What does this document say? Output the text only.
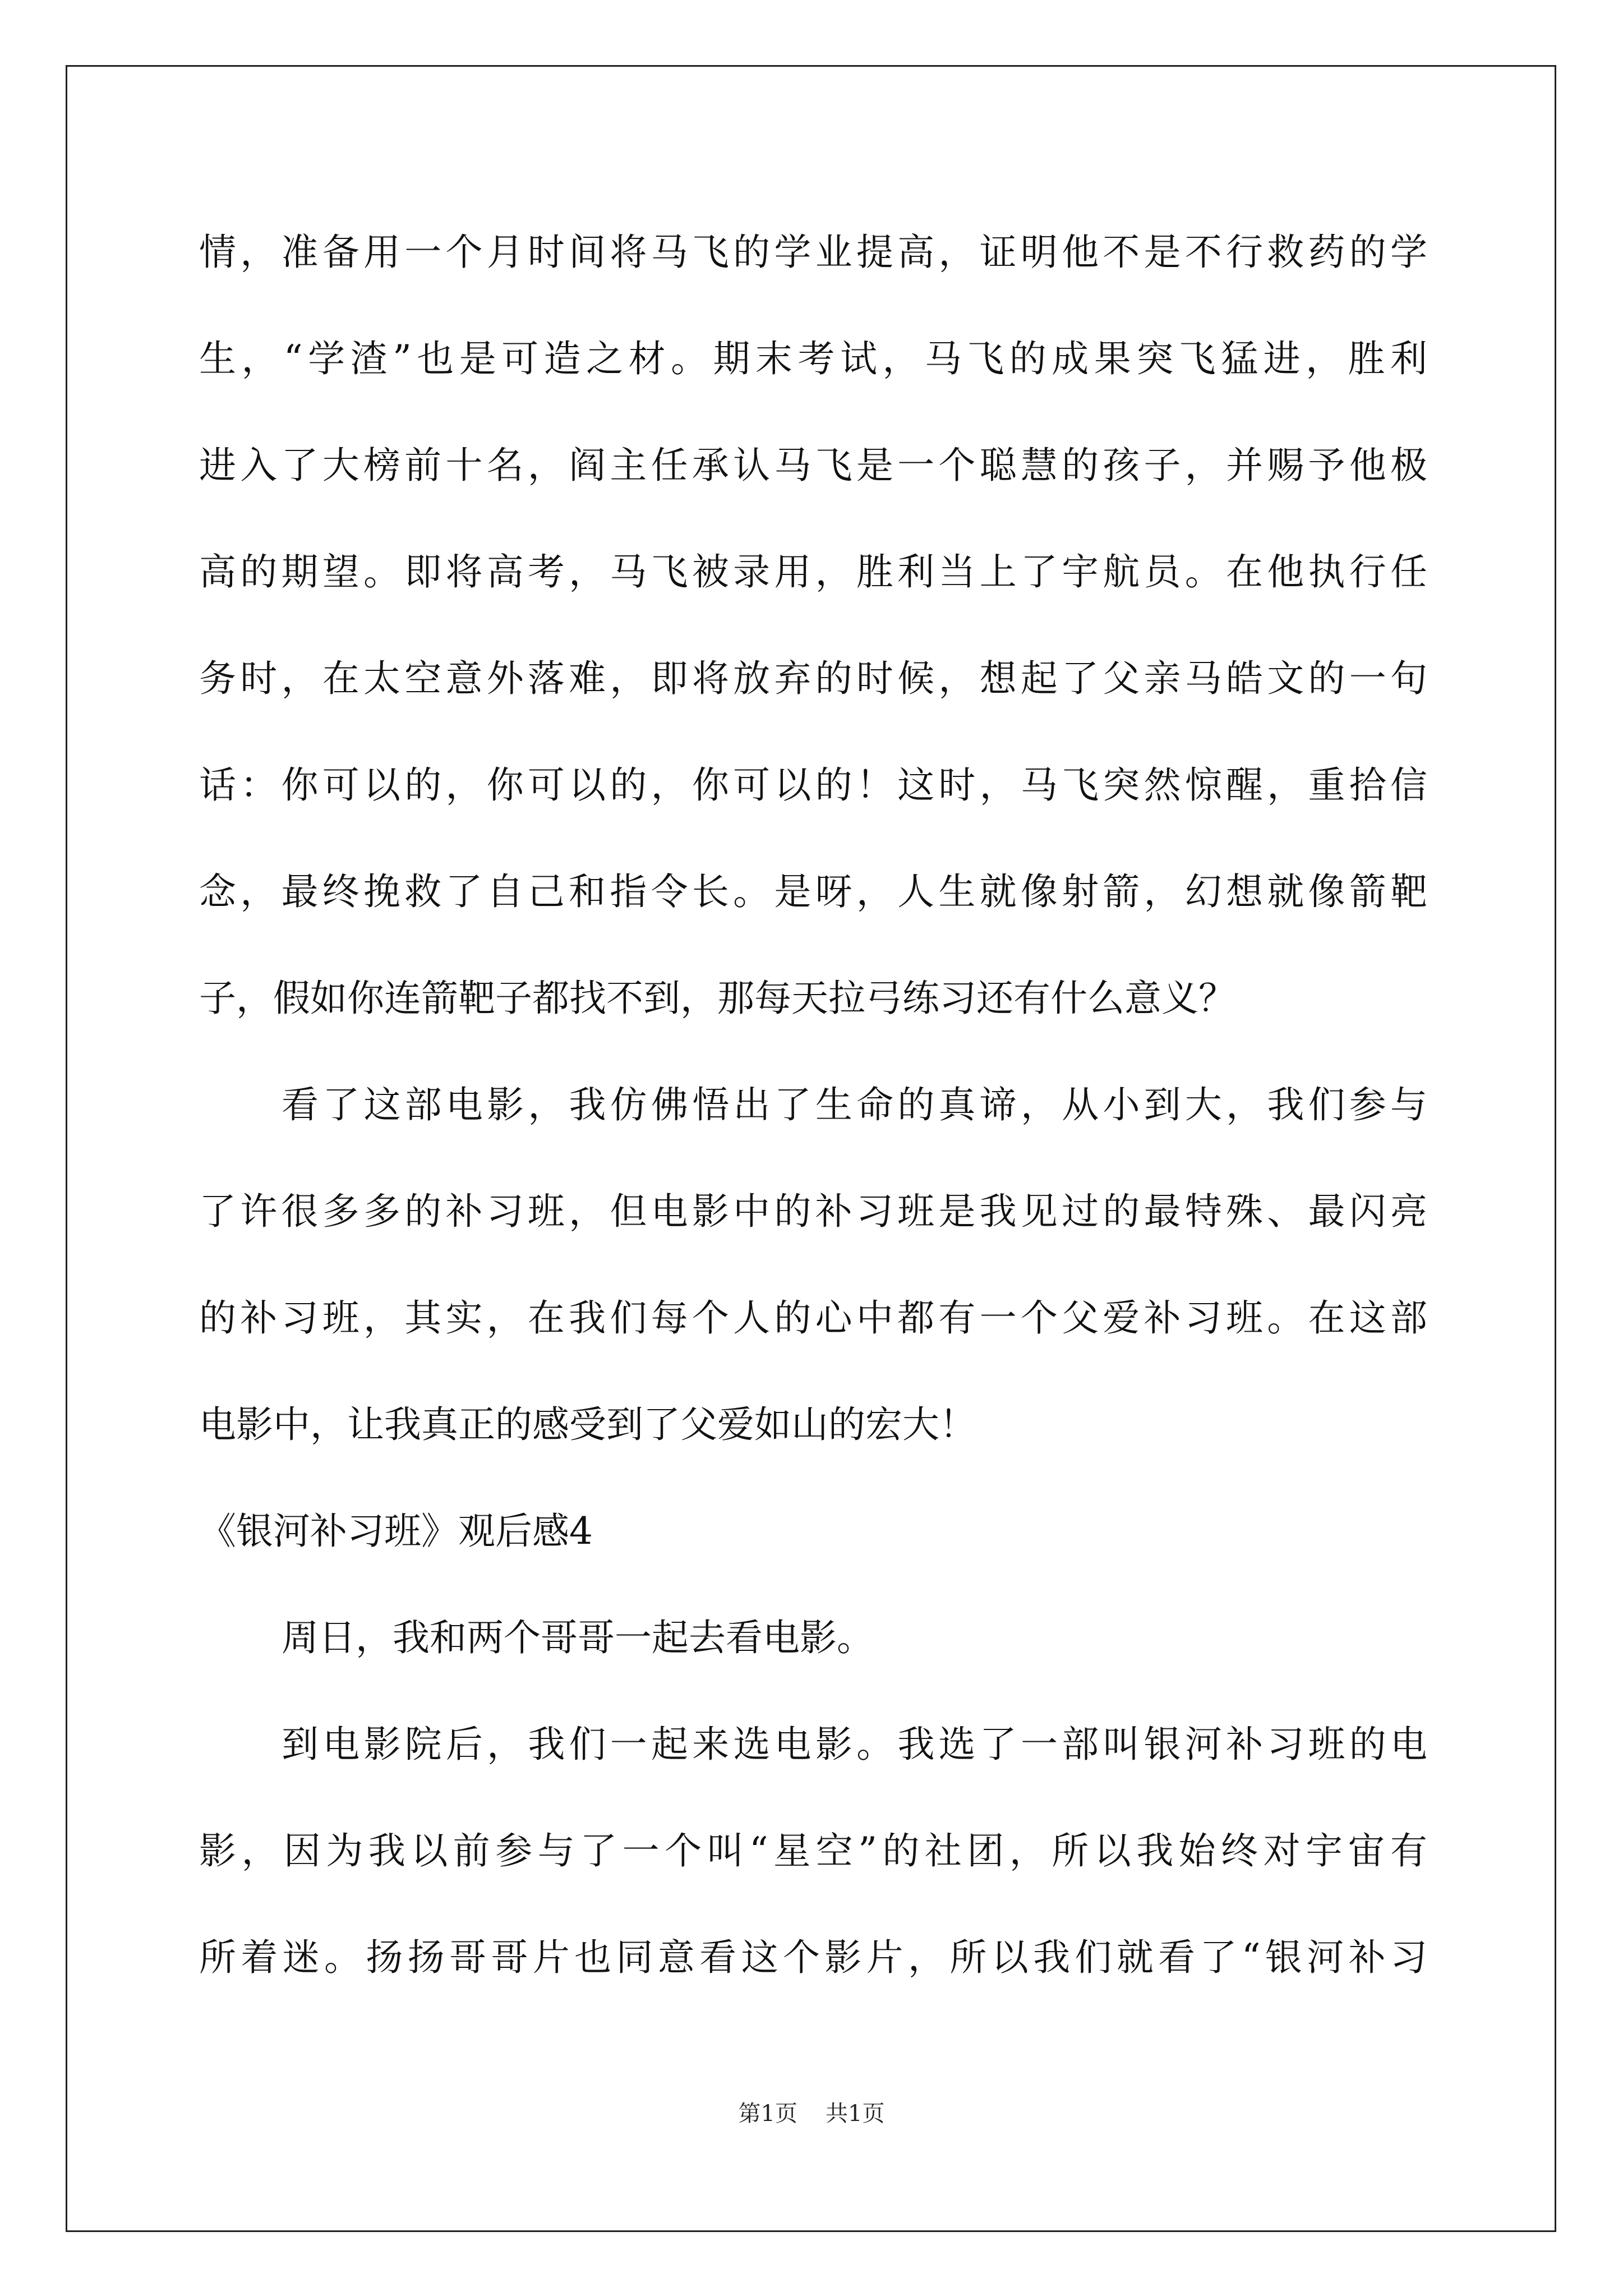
情，准备用一个月时间将马飞的学业提高，证明他不是不行救药的学
生，“学渣”也是可造之材。期末考试，马飞的成果突飞猛进，胜利
进入了大榜前十名，阎主任承认马飞是一个聪慧的孩子，并赐予他极
高的期望。即将高考，马飞被录用，胜利当上了宇航员。在他执行任
务时，在太空意外落难，即将放弃的时候，想起了父亲马皓文的一句
话：你可以的，你可以的，你可以的！这时，马飞突然惊醒，重拾信
念，最终挽救了自己和指令长。是呀，人生就像射箭，幻想就像箭靶
子，假如你连箭靶子都找不到，那每天拉弓练习还有什么意义？
看了这部电影，我仿佛悟出了生命的真谛，从小到大，我们参与
了许很多多的补习班，但电影中的补习班是我见过的最特殊、最闪亮
的补习班，其实，在我们每个人的心中都有一个父爱补习班。在这部
电影中，让我真正的感受到了父爱如山的宏大！
《银河补习班》观后感4
周日，我和两个哥哥一起去看电影。
到电影院后，我们一起来选电影。我选了一部叫银河补习班的电
影，因为我以前参与了一个叫“星空”的社团，所以我始终对宇宙有
所着迷。扬扬哥哥片也同意看这个影片，所以我们就看了“银河补习
第1页 共1页
